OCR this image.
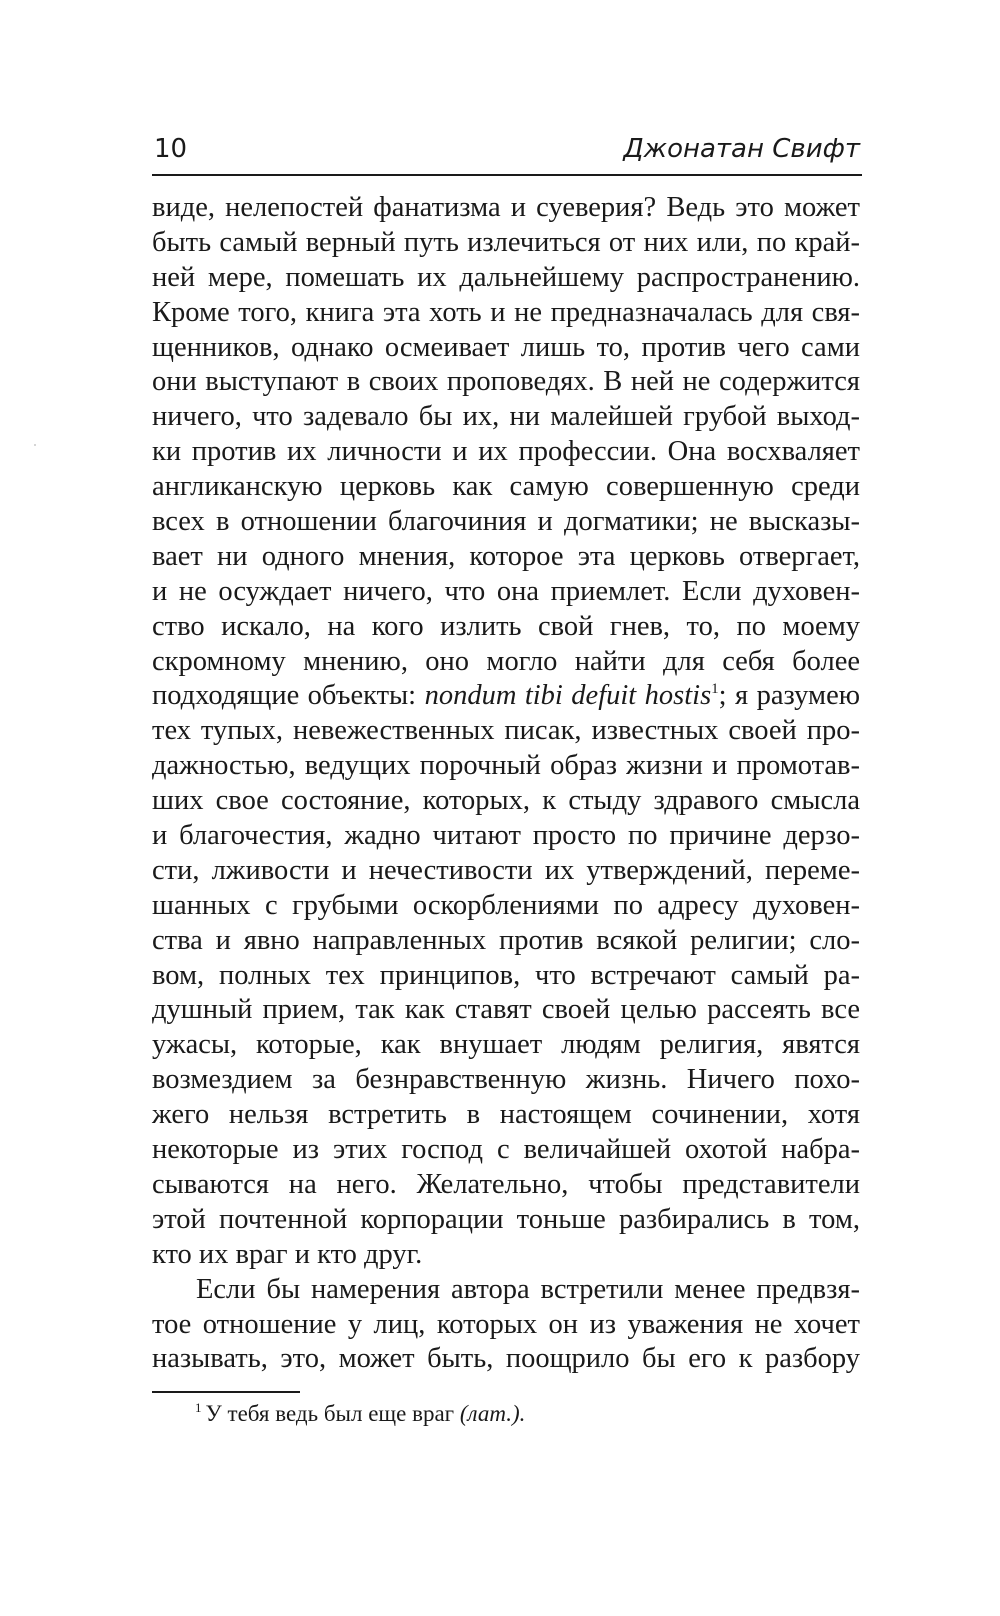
10	Джонатан Свифт
виде, нелепостей фанатизма и суеверия? Ведь это может
быть самый верный путь излечиться от них или, по край-
ней мере, помешать их дальнейшему распространению.
Кроме того, книга эта хоть и не предназначалась для свя-
щенников, однако осмеивает лишь то, против чего сами
они выступают в своих проповедях. В ней не содержится
ничего, что задевало бы их, ни малейшей грубой выход-
ки против их личности и их профессии. Она восхваляет
англиканскую церковь как самую совершенную среди
всех в отношении благочиния и догматики; не высказы-
вает ни одного мнения, которое эта церковь отвергает,
и не осуждает ничего, что она приемлет. Если духовен-
ство искало, на кого излить свой гнев, то, по моему
скромному мнению, оно могло найти для себя более
подходящие объекты: nondum tibi defuit hostis$^1$; я разумею
тех тупых, невежественных писак, известных своей про-
дажностью, ведущих порочный образ жизни и промотав-
ших свое состояние, которых, к стыду здравого смысла
и благочестия, жадно читают просто по причине дерзо-
сти, лживости и нечестивости их утверждений, переме-
шанных с грубыми оскорблениями по адресу духовен-
ства и явно направленных против всякой религии; сло-
вом, полных тех принципов, что встречают самый ра-
душный прием, так как ставят своей целью рассеять все
ужасы, которые, как внушает людям религия, явятся
возмездием за безнравственную жизнь. Ничего похо-
жего нельзя встретить в настоящем сочинении, хотя
некоторые из этих господ с величайшей охотой набра-
сываются на него. Желательно, чтобы представители
этой почтенной корпорации тоньше разбирались в том,
кто их враг и кто друг.
Если бы намерения автора встретили менее предвзя-
тое отношение у лиц, которых он из уважения не хочет
называть, это, может быть, поощрило бы его к разбору
$^1$ У тебя ведь был еще враг (лат.).
